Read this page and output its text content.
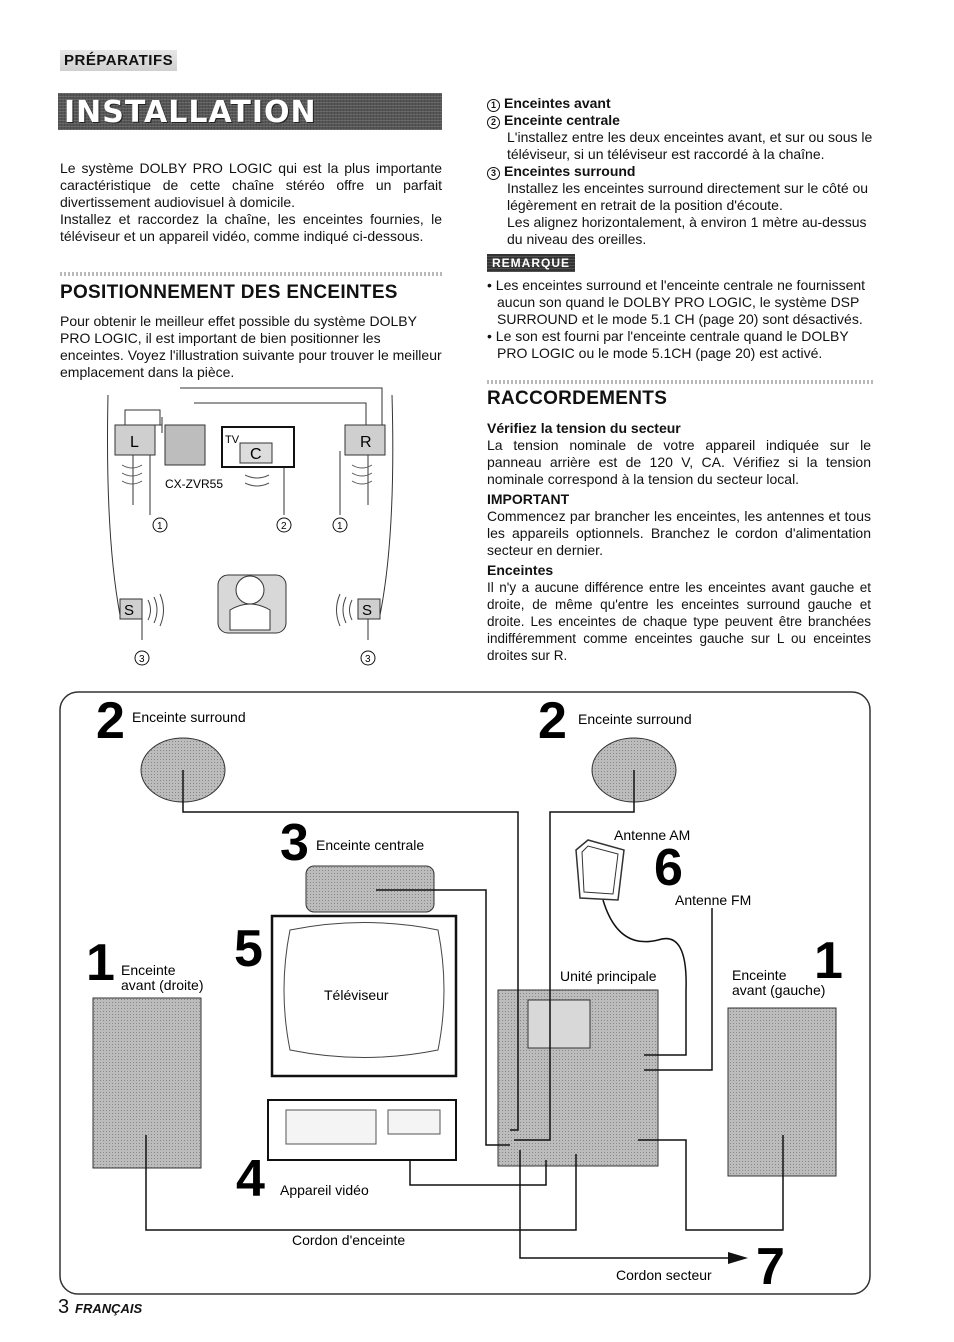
PRÉPARATIFS
INSTALLATION

Le système DOLBY PRO LOGIC qui est la plus importante caractéristique de cette chaîne stéréo offre un parfait divertissement audiovisuel à domicile.

Installez et raccordez la chaîne, les enceintes fournies, le téléviseur et un appareil vidéo, comme indiqué ci-dessous.

POSITIONNEMENT DES ENCEINTES
Pour obtenir le meilleur effet possible du système DOLBY PRO LOGIC, il est important de bien positionner les enceintes. Voyez l'illustration suivante pour trouver le meilleur emplacement dans la pièce.
L	R
C
TV
CX-ZVR55
1	2	1
S	S
3	3
1 Enceintes avant
2 Enceinte centrale
L'installez entre les deux enceintes avant, et sur ou sous le téléviseur, si un téléviseur est raccordé à la chaîne.
3 Enceintes surround
Installez les enceintes surround directement sur le côté ou légèrement en retrait de la position d'écoute.
Les alignez horizontalement, à environ 1 mètre au-dessus du niveau des oreilles.
REMARQUE
• Les enceintes surround et l'enceinte centrale ne fournissent aucun son quand le DOLBY PRO LOGIC, le système DSP SURROUND et le mode 5.1 CH (page 20) sont désactivés.
• Le son est fourni par l'enceinte centrale quand le DOLBY PRO LOGIC ou le mode 5.1CH (page 20) est activé.
RACCORDEMENTS
Vérifiez la tension du secteur
La tension nominale de votre appareil indiquée sur le panneau arrière est de 120 V, CA. Vérifiez si la tension nominale correspond à la tension du secteur local.
IMPORTANT
Commencez par brancher les enceintes, les antennes et tous les appareils optionnels. Branchez le cordon d'alimentation secteur en dernier.
Enceintes
Il n'y a aucune différence entre les enceintes avant gauche et droite, de même qu'entre les enceintes surround gauche et droite. Les enceintes de chaque type peuvent être branchées indifféremment comme enceintes gauche sur L ou enceintes droites sur R.
2	2
3
5
6
1	1
4
7
Enceinte surround	Enceinte surround
Enceinte centrale
Antenne AM
Antenne FM
Enceinte
avant (droite)
Enceinte
avant (gauche)
Téléviseur
Unité principale
Appareil vidéo
Cordon d'enceinte
Cordon secteur
3 FRANÇAIS
